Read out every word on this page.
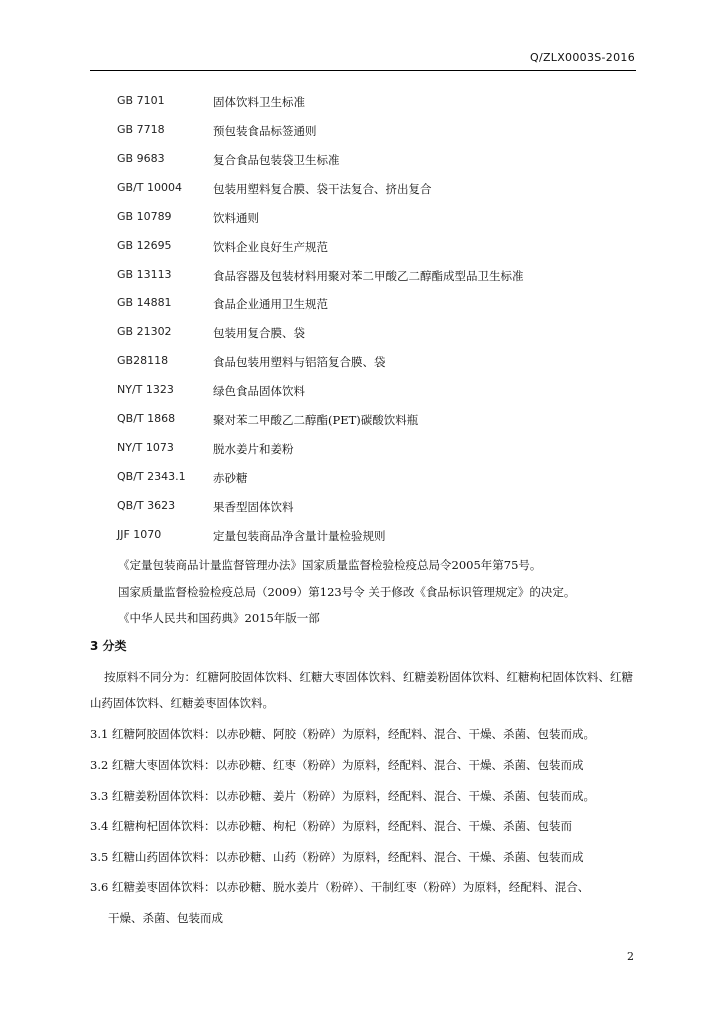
Q/ZLX0003S-2016
GB 7101	固体饮料卫生标准
GB 7718	预包装食品标签通则
GB 9683	复合食品包装袋卫生标准
GB/T 10004	包装用塑料复合膜、袋干法复合、挤出复合
GB 10789	饮料通则
GB 12695	饮料企业良好生产规范
GB 13113	食品容器及包装材料用聚对苯二甲酸乙二醇酯成型品卫生标准
GB 14881	食品企业通用卫生规范
GB 21302	包装用复合膜、袋
GB28118	食品包装用塑料与铝箔复合膜、袋
NY/T 1323	绿色食品固体饮料
QB/T 1868	聚对苯二甲酸乙二醇酯(PET)碳酸饮料瓶
NY/T 1073	脱水姜片和姜粉
QB/T 2343.1 赤砂糖
QB/T 3623	果香型固体饮料
JJF 1070	定量包装商品净含量计量检验规则
《定量包装商品计量监督管理办法》国家质量监督检验检疫总局令2005年第75号。
国家质量监督检验检疫总局（2009）第123号令 关于修改《食品标识管理规定》的决定。
《中华人民共和国药典》2015年版一部
3 分类
按原料不同分为：红糖阿胶固体饮料、红糖大枣固体饮料、红糖姜粉固体饮料、红糖枸杞固体饮料、红糖山药固体饮料、红糖姜枣固体饮料。
3.1 红糖阿胶固体饮料：以赤砂糖、阿胶（粉碎）为原料，经配料、混合、干燥、杀菌、包装而成。
3.2 红糖大枣固体饮料：以赤砂糖、红枣（粉碎）为原料，经配料、混合、干燥、杀菌、包装而成
3.3 红糖姜粉固体饮料：以赤砂糖、姜片（粉碎）为原料，经配料、混合、干燥、杀菌、包装而成。
3.4 红糖枸杞固体饮料：以赤砂糖、枸杞（粉碎）为原料，经配料、混合、干燥、杀菌、包装而
3.5 红糖山药固体饮料：以赤砂糖、山药（粉碎）为原料，经配料、混合、干燥、杀菌、包装而成
3.6 红糖姜枣固体饮料：以赤砂糖、脱水姜片（粉碎）、干制红枣（粉碎）为原料，经配料、混合、
干燥、杀菌、包装而成
2
